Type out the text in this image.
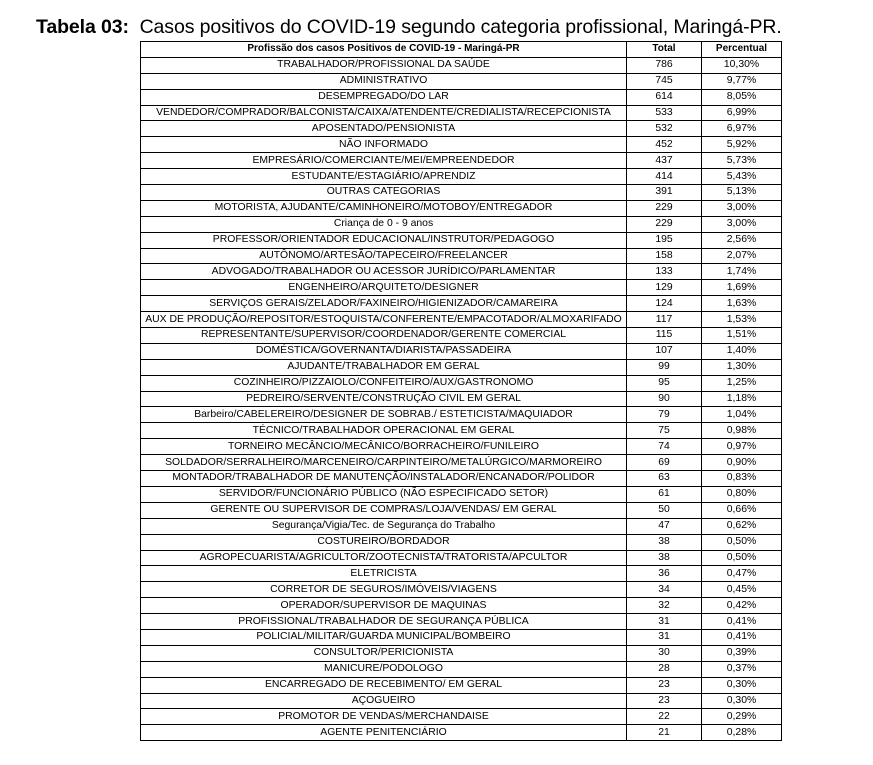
Tabela 03: Casos positivos do COVID-19 segundo categoria profissional, Maringá-PR.
Profissão dos casos Positivos de COVID-19 - Maringá-PR	Total	Percentual
TRABALHADOR/PROFISSIONAL DA SAÚDE	786	10,30%
ADMINISTRATIVO	745	9,77%
DESEMPREGADO/DO LAR	614	8,05%
VENDEDOR/COMPRADOR/BALCONISTA/CAIXA/ATENDENTE/CREDIALISTA/RECEPCIONISTA	533	6,99%
APOSENTADO/PENSIONISTA	532	6,97%
NÃO INFORMADO	452	5,92%
EMPRESÁRIO/COMERCIANTE/MEI/EMPREENDEDOR	437	5,73%
ESTUDANTE/ESTAGIÁRIO/APRENDIZ	414	5,43%
OUTRAS CATEGORIAS	391	5,13%
MOTORISTA, AJUDANTE/CAMINHONEIRO/MOTOBOY/ENTREGADOR	229	3,00%
Criança de 0 - 9 anos	229	3,00%
PROFESSOR/ORIENTADOR EDUCACIONAL/INSTRUTOR/PEDAGOGO	195	2,56%
AUTÔNOMO/ARTESÃO/TAPECEIRO/FREELANCER	158	2,07%
ADVOGADO/TRABALHADOR OU ACESSOR JURÍDICO/PARLAMENTAR	133	1,74%
ENGENHEIRO/ARQUITETO/DESIGNER	129	1,69%
SERVIÇOS GERAIS/ZELADOR/FAXINEIRO/HIGIENIZADOR/CAMAREIRA	124	1,63%
AUX DE PRODUÇÃO/REPOSITOR/ESTOQUISTA/CONFERENTE/EMPACOTADOR/ALMOXARIFADO	117	1,53%
REPRESENTANTE/SUPERVISOR/COORDENADOR/GERENTE COMERCIAL	115	1,51%
DOMÉSTICA/GOVERNANTA/DIARISTA/PASSADEIRA	107	1,40%
AJUDANTE/TRABALHADOR EM GERAL	99	1,30%
COZINHEIRO/PIZZAIOLO/CONFEITEIRO/AUX/GASTRONOMO	95	1,25%
PEDREIRO/SERVENTE/CONSTRUÇÃO CIVIL EM GERAL	90	1,18%
Barbeiro/CABELEREIRO/DESIGNER DE SOBRAB./ ESTETICISTA/MAQUIADOR	79	1,04%
TÉCNICO/TRABALHADOR OPERACIONAL EM GERAL	75	0,98%
TORNEIRO MECÂNCIO/MECÂNICO/BORRACHEIRO/FUNILEIRO	74	0,97%
SOLDADOR/SERRALHEIRO/MARCENEIRO/CARPINTEIRO/METALÚRGICO/MARMOREIRO	69	0,90%
MONTADOR/TRABALHADOR DE MANUTENÇÃO/INSTALADOR/ENCANADOR/POLIDOR	63	0,83%
SERVIDOR/FUNCIONÁRIO PÚBLICO (NÃO ESPECIFICADO SETOR)	61	0,80%
GERENTE OU SUPERVISOR DE COMPRAS/LOJA/VENDAS/ EM GERAL	50	0,66%
Segurança/Vigia/Tec. de Segurança do Trabalho	47	0,62%
COSTUREIRO/BORDADOR	38	0,50%
AGROPECUARISTA/AGRICULTOR/ZOOTECNISTA/TRATORISTA/APCULTOR	38	0,50%
ELETRICISTA	36	0,47%
CORRETOR DE SEGUROS/IMÓVEIS/VIAGENS	34	0,45%
OPERADOR/SUPERVISOR DE MAQUINAS	32	0,42%
PROFISSIONAL/TRABALHADOR DE SEGURANÇA PÚBLICA	31	0,41%
POLICIAL/MILITAR/GUARDA MUNICIPAL/BOMBEIRO	31	0,41%
CONSULTOR/PERICIONISTA	30	0,39%
MANICURE/PODOLOGO	28	0,37%
ENCARREGADO DE RECEBIMENTO/ EM GERAL	23	0,30%
AÇOGUEIRO	23	0,30%
PROMOTOR DE VENDAS/MERCHANDAISE	22	0,29%
AGENTE PENITENCIÁRIO	21	0,28%
